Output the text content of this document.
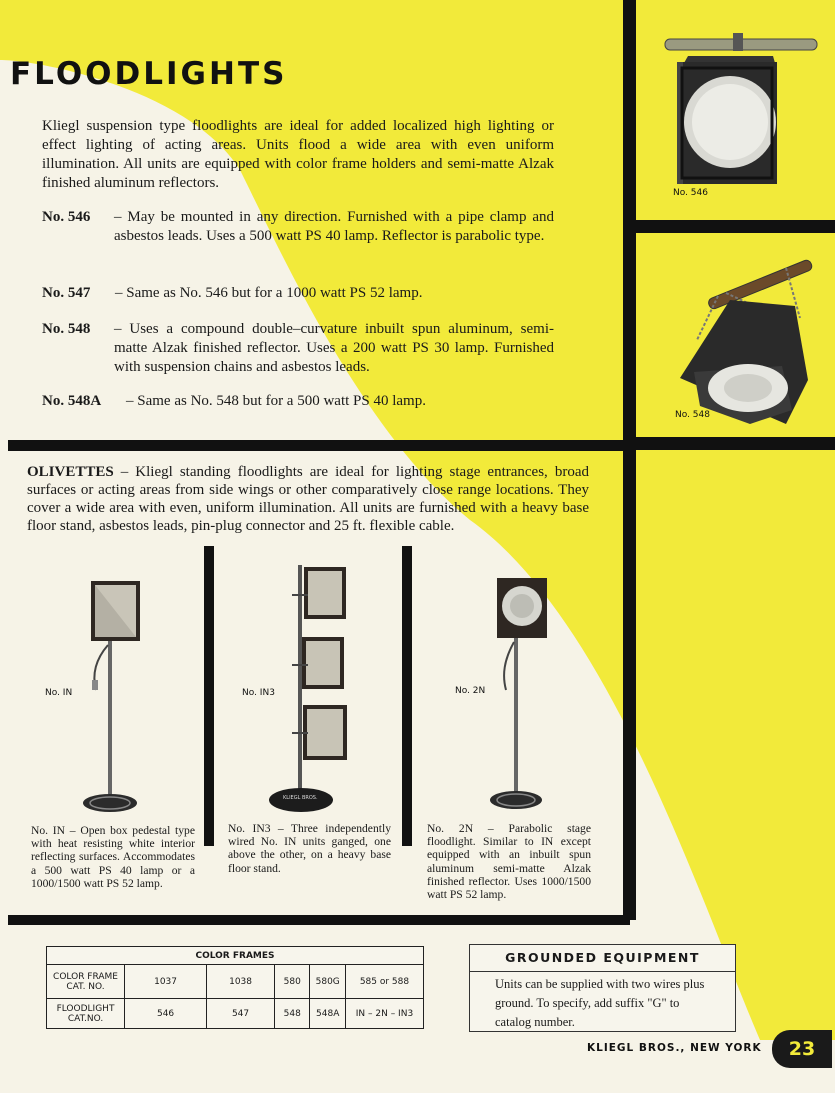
FLOODLIGHTS
Kliegl suspension type floodlights are ideal for added localized high lighting or effect lighting of acting areas. Units flood a wide area with even uniform illumination. All units are equipped with color frame holders and semi-matte Alzak finished aluminum reflectors.
No. 546 – May be mounted in any direction. Furnished with a pipe clamp and asbestos leads. Uses a 500 watt PS 40 lamp. Reflector is parabolic type.
No. 547 – Same as No. 546 but for a 1000 watt PS 52 lamp.
No. 548 – Uses a compound double–curvature inbuilt spun aluminum, semi-matte Alzak finished reflector. Uses a 200 watt PS 30 lamp. Furnished with suspension chains and asbestos leads.
No. 548A – Same as No. 548 but for a 500 watt PS 40 lamp.
No. 546
No. 548
OLIVETTES – Kliegl standing floodlights are ideal for lighting stage entrances, broad surfaces or acting areas from side wings or other comparatively close range locations. They cover a wide area with even, uniform illumination. All units are furnished with a heavy base floor stand, asbestos leads, pin-plug connector and 25 ft. flexible cable.
No. IN	No. IN3	No. 2N
KLIEGL BROS.
No. IN – Open box pedestal type with heat resisting white interior reflecting surfaces. Accommodates a 500 watt PS 40 lamp or a 1000/1500 watt PS 52 lamp.
No. IN3 – Three independently wired No. IN units ganged, one above the other, on a heavy base floor stand.
No. 2N – Parabolic stage floodlight. Similar to IN except equipped with an inbuilt spun aluminum semi-matte Alzak finished reflector. Uses 1000/1500 watt PS 52 lamp.
COLOR FRAMES					
COLOR FRAME CAT. NO.	1037	1038	580	580G	585 or 588
FLOODLIGHT CAT.NO.	546	547	548	548A	IN – 2N – IN3
GROUNDED EQUIPMENT
Units can be supplied with two wires plus ground. To specify, add suffix "G" to catalog number.
KLIEGL BROS., NEW YORK	23
